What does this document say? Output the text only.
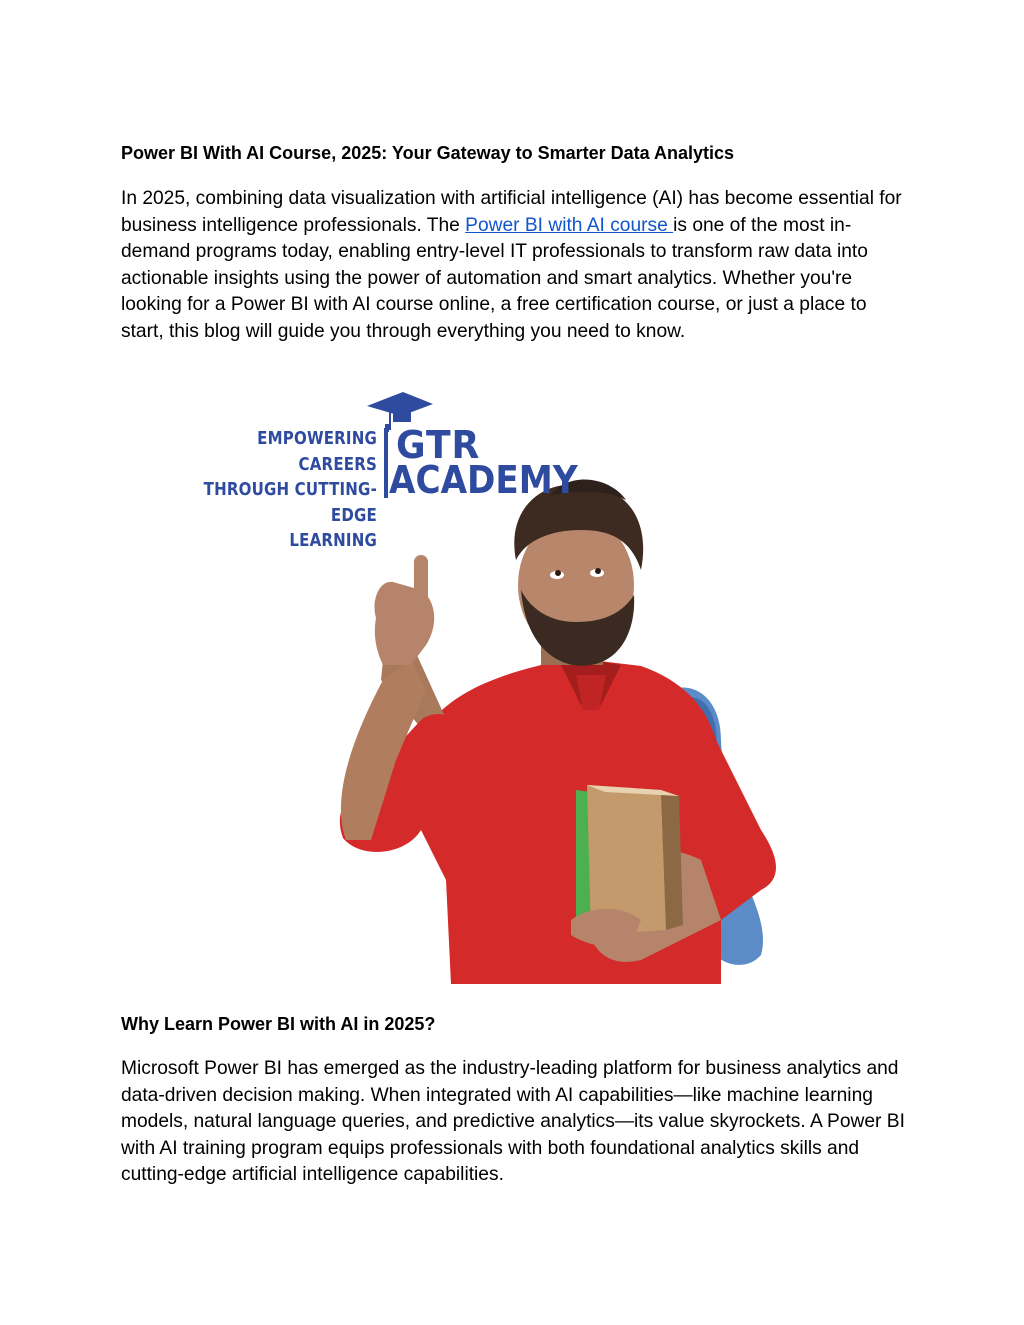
Power BI With AI Course, 2025: Your Gateway to Smarter Data Analytics

In 2025, combining data visualization with artificial intelligence (AI) has become essential for business intelligence professionals. The Power BI with AI course is one of the most in-demand programs today, enabling entry-level IT professionals to transform raw data into actionable insights using the power of automation and smart analytics. Whether you're looking for a Power BI with AI course online, a free certification course, or just a place to start, this blog will guide you through everything you need to know.

EMPOWERING CAREERS
THROUGH CUTTING-EDGE
LEARNING
GTR
ACADEMY
Why Learn Power BI with AI in 2025?

Microsoft Power BI has emerged as the industry-leading platform for business analytics and data-driven decision making. When integrated with AI capabilities—like machine learning models, natural language queries, and predictive analytics—its value skyrockets. A Power BI with AI training program equips professionals with both foundational analytics skills and cutting-edge artificial intelligence capabilities.
